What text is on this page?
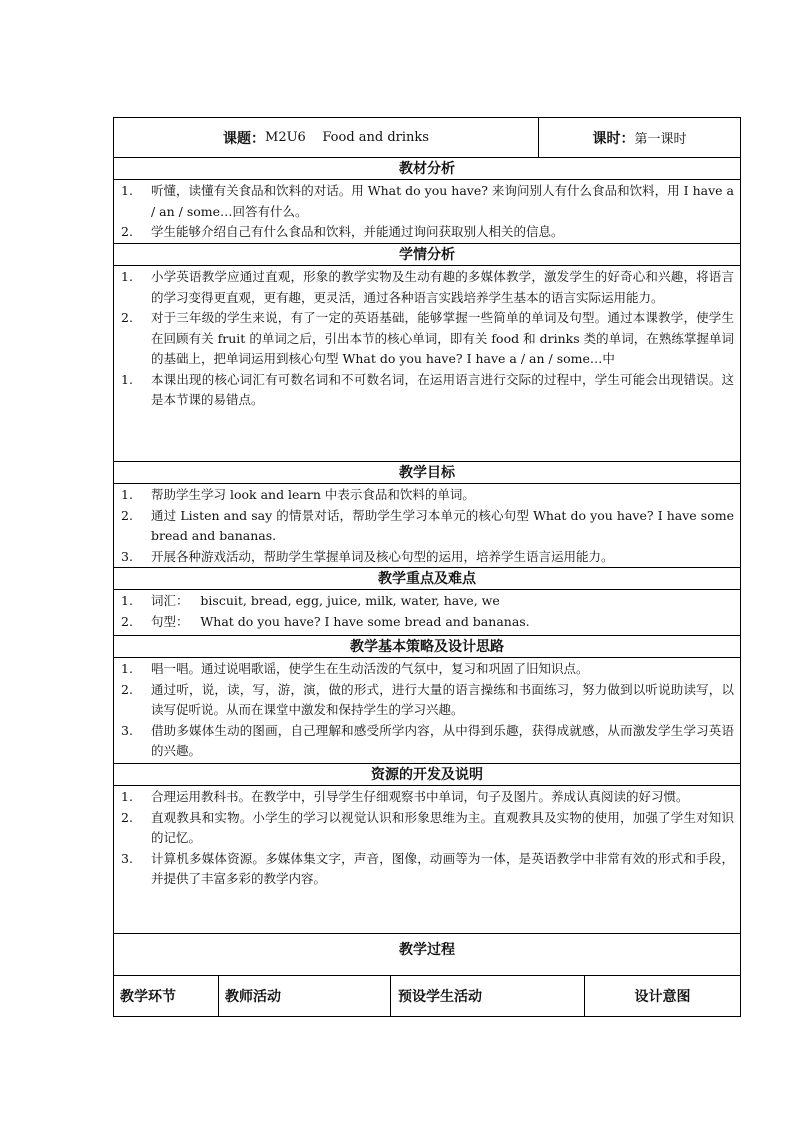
课题： M2U6    Food and drinks	课时： 第一课时
教材分析
1.	听懂，读懂有关食品和饮料的对话。用 What do you have? 来询问别人有什么食品和饮料，用 I have a / an / some…回答有什么。
2.	学生能够介绍自己有什么食品和饮料，并能通过询问获取别人相关的信息。
学情分析
1.	小学英语教学应通过直观，形象的教学实物及生动有趣的多媒体教学，激发学生的好奇心和兴趣，将语言的学习变得更直观，更有趣，更灵活，通过各种语言实践培养学生基本的语言实际运用能力。
2.	对于三年级的学生来说，有了一定的英语基础，能够掌握一些简单的单词及句型。通过本课教学，使学生在回顾有关 fruit 的单词之后，引出本节的核心单词，即有关 food 和 drinks 类的单词，在熟练掌握单词的基础上，把单词运用到核心句型 What do you have? I have a / an / some…中
1.	本课出现的核心词汇有可数名词和不可数名词，在运用语言进行交际的过程中，学生可能会出现错误。这是本节课的易错点。
教学目标
1.	帮助学生学习 look and learn 中表示食品和饮料的单词。
2.	通过 Listen and say 的情景对话，帮助学生学习本单元的核心句型 What do you have? I have some bread and bananas.
3.	开展各种游戏活动，帮助学生掌握单词及核心句型的运用，培养学生语言运用能力。
教学重点及难点
1.	词汇：   biscuit, bread, egg, juice, milk, water, have, we
2.	句型：   What do you have? I have some bread and bananas.
教学基本策略及设计思路
1.	唱一唱。通过说唱歌谣，使学生在生动活泼的气氛中，复习和巩固了旧知识点。
2.	通过听，说，读，写，游，演，做的形式，进行大量的语言操练和书面练习，努力做到以听说助读写，以读写促听说。从而在课堂中激发和保持学生的学习兴趣。
3.	借助多媒体生动的图画，自己理解和感受所学内容，从中得到乐趣，获得成就感，从而激发学生学习英语的兴趣。
资源的开发及说明
1.	合理运用教科书。在教学中，引导学生仔细观察书中单词，句子及图片。养成认真阅读的好习惯。
2.	直观教具和实物。小学生的学习以视觉认识和形象思维为主。直观教具及实物的使用，加强了学生对知识的记忆。
3.	计算机多媒体资源。多媒体集文字，声音，图像，动画等为一体，是英语教学中非常有效的形式和手段，并提供了丰富多彩的教学内容。
教学过程
教学环节	教师活动	预设学生活动	设计意图
